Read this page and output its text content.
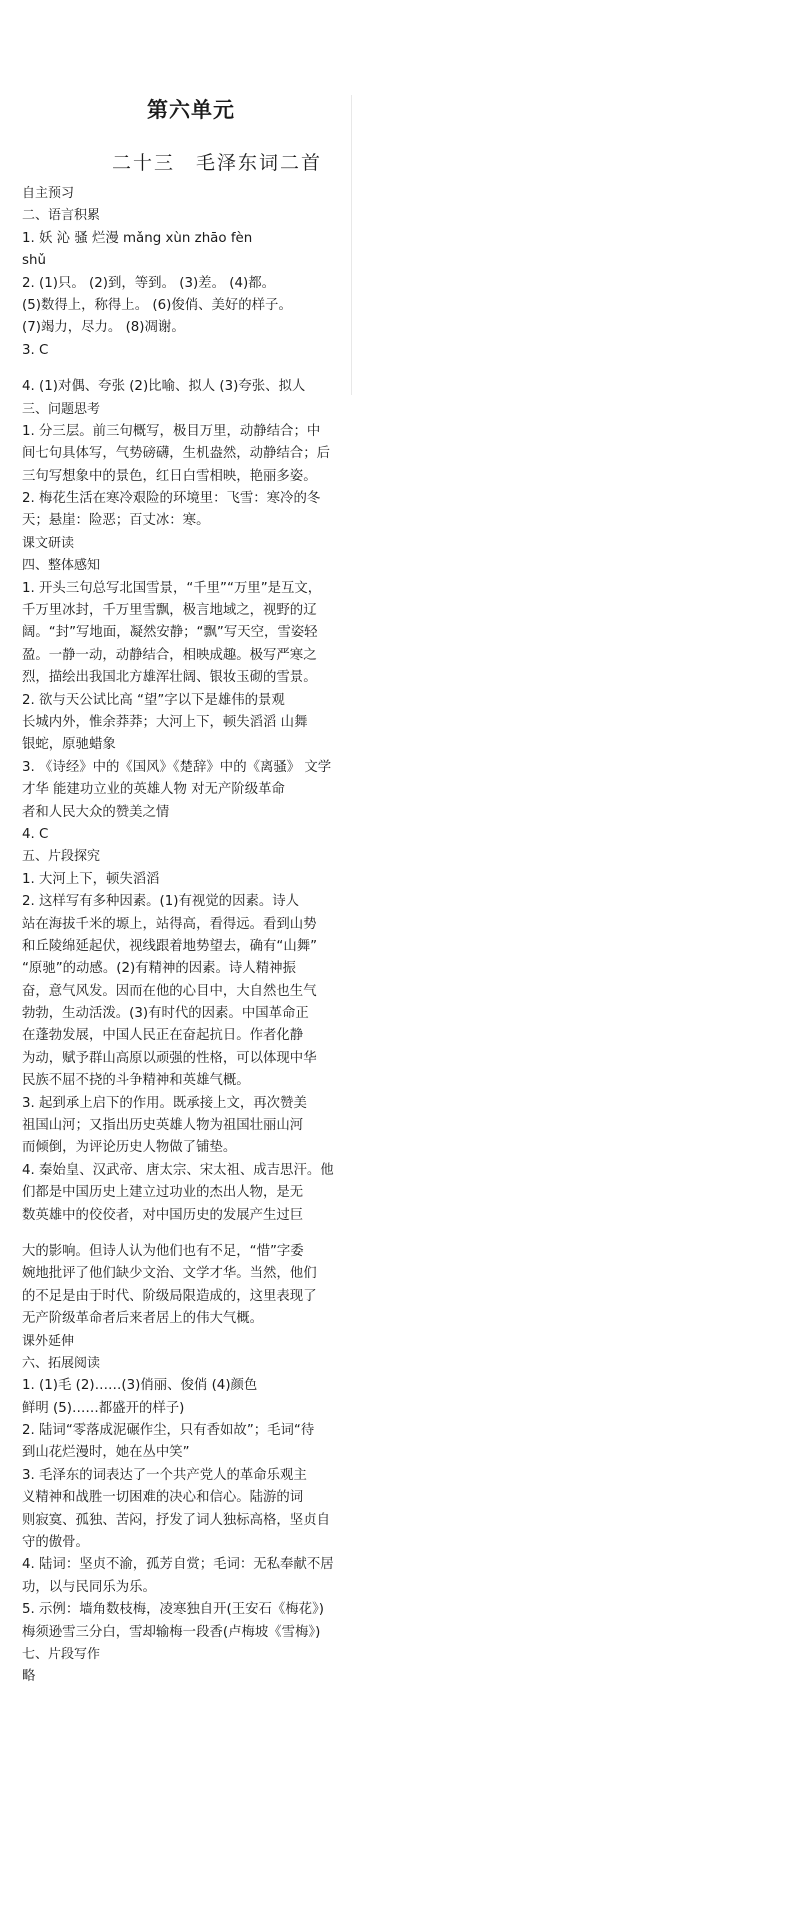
第六单元
二十三　毛泽东词二首
自主预习
二、语言积累
1. 妖 沁 骚 烂漫 mǎng xùn zhāo fèn
shǔ
2. (1)只。 (2)到，等到。 (3)差。 (4)都。
(5)数得上，称得上。 (6)俊俏、美好的样子。
(7)竭力，尽力。 (8)凋谢。
3. C
4. (1)对偶、夸张 (2)比喻、拟人 (3)夸张、拟人
三、问题思考
1. 分三层。前三句概写，极目万里，动静结合；中
间七句具体写，气势磅礴，生机盎然，动静结合；后
三句写想象中的景色，红日白雪相映，艳丽多姿。
2. 梅花生活在寒冷艰险的环境里：飞雪：寒冷的冬
天；悬崖：险恶；百丈冰：寒。
课文研读
四、整体感知
1. 开头三句总写北国雪景，“千里”“万里”是互文，
千万里冰封，千万里雪飘，极言地域之，视野的辽
阔。“封”写地面，凝然安静；“飘”写天空，雪姿轻
盈。一静一动，动静结合，相映成趣。极写严寒之
烈，描绘出我国北方雄浑壮阔、银妆玉砌的雪景。
2. 欲与天公试比高 “望”字以下是雄伟的景观
长城内外，惟余莽莽；大河上下，顿失滔滔 山舞
银蛇，原驰蜡象
3. 《诗经》中的《国风》《楚辞》中的《离骚》 文学
才华 能建功立业的英雄人物 对无产阶级革命
者和人民大众的赞美之情
4. C
五、片段探究
1. 大河上下，顿失滔滔
2. 这样写有多种因素。(1)有视觉的因素。诗人
站在海拔千米的塬上，站得高，看得远。看到山势
和丘陵绵延起伏，视线跟着地势望去，确有“山舞”
“原驰”的动感。(2)有精神的因素。诗人精神振
奋，意气风发。因而在他的心目中，大自然也生气
勃勃，生动活泼。(3)有时代的因素。中国革命正
在蓬勃发展，中国人民正在奋起抗日。作者化静
为动，赋予群山高原以顽强的性格，可以体现中华
民族不屈不挠的斗争精神和英雄气概。
3. 起到承上启下的作用。既承接上文，再次赞美
祖国山河；又指出历史英雄人物为祖国壮丽山河
而倾倒，为评论历史人物做了铺垫。
4. 秦始皇、汉武帝、唐太宗、宋太祖、成吉思汗。他
们都是中国历史上建立过功业的杰出人物，是无
数英雄中的佼佼者，对中国历史的发展产生过巨
大的影响。但诗人认为他们也有不足，“惜”字委
婉地批评了他们缺少文治、文学才华。当然，他们
的不足是由于时代、阶级局限造成的，这里表现了
无产阶级革命者后来者居上的伟大气概。
课外延伸
六、拓展阅读
1. (1)毛 (2)……(3)俏丽、俊俏 (4)颜色
鲜明 (5)……都盛开的样子)
2. 陆词“零落成泥碾作尘，只有香如故”；毛词“待
到山花烂漫时，她在丛中笑”
3. 毛泽东的词表达了一个共产党人的革命乐观主
义精神和战胜一切困难的决心和信心。陆游的词
则寂寞、孤独、苦闷，抒发了词人独标高格，坚贞自
守的傲骨。
4. 陆词：坚贞不渝，孤芳自赏；毛词：无私奉献不居
功，以与民同乐为乐。
5. 示例：墙角数枝梅，凌寒独自开(王安石《梅花》)
梅须逊雪三分白，雪却输梅一段香(卢梅坡《雪梅》)
七、片段写作
略
